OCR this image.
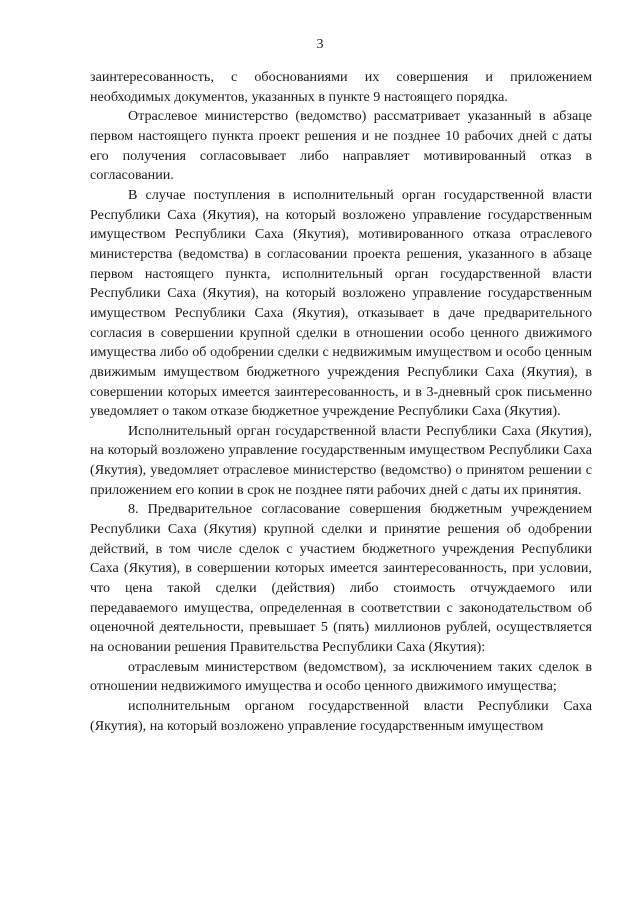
3

заинтересованность, с обоснованиями их совершения и приложением необходимых документов, указанных в пункте 9 настоящего порядка.

Отраслевое министерство (ведомство) рассматривает указанный в абзаце первом настоящего пункта проект решения и не позднее 10 рабочих дней с даты его получения согласовывает либо направляет мотивированный отказ в согласовании.

В случае поступления в исполнительный орган государственной власти Республики Саха (Якутия), на который возложено управление государственным имуществом Республики Саха (Якутия), мотивированного отказа отраслевого министерства (ведомства) в согласовании проекта решения, указанного в абзаце первом настоящего пункта, исполнительный орган государственной власти Республики Саха (Якутия), на который возложено управление государственным имуществом Республики Саха (Якутия), отказывает в даче предварительного согласия в совершении крупной сделки в отношении особо ценного движимого имущества либо об одобрении сделки с недвижимым имуществом и особо ценным движимым имуществом бюджетного учреждения Республики Саха (Якутия), в совершении которых имеется заинтересованность, и в 3-дневный срок письменно уведомляет о таком отказе бюджетное учреждение Республики Саха (Якутия).

Исполнительный орган государственной власти Республики Саха (Якутия), на который возложено управление государственным имуществом Республики Саха (Якутия), уведомляет отраслевое министерство (ведомство) о принятом решении с приложением его копии в срок не позднее пяти рабочих дней с даты их принятия.

8. Предварительное согласование совершения бюджетным учреждением Республики Саха (Якутия) крупной сделки и принятие решения об одобрении действий, в том числе сделок с участием бюджетного учреждения Республики Саха (Якутия), в совершении которых имеется заинтересованность, при условии, что цена такой сделки (действия) либо стоимость отчуждаемого или передаваемого имущества, определенная в соответствии с законодательством об оценочной деятельности, превышает 5 (пять) миллионов рублей, осуществляется на основании решения Правительства Республики Саха (Якутия):

отраслевым министерством (ведомством), за исключением таких сделок в отношении недвижимого имущества и особо ценного движимого имущества;

исполнительным органом государственной власти Республики Саха (Якутия), на который возложено управление государственным имуществом
